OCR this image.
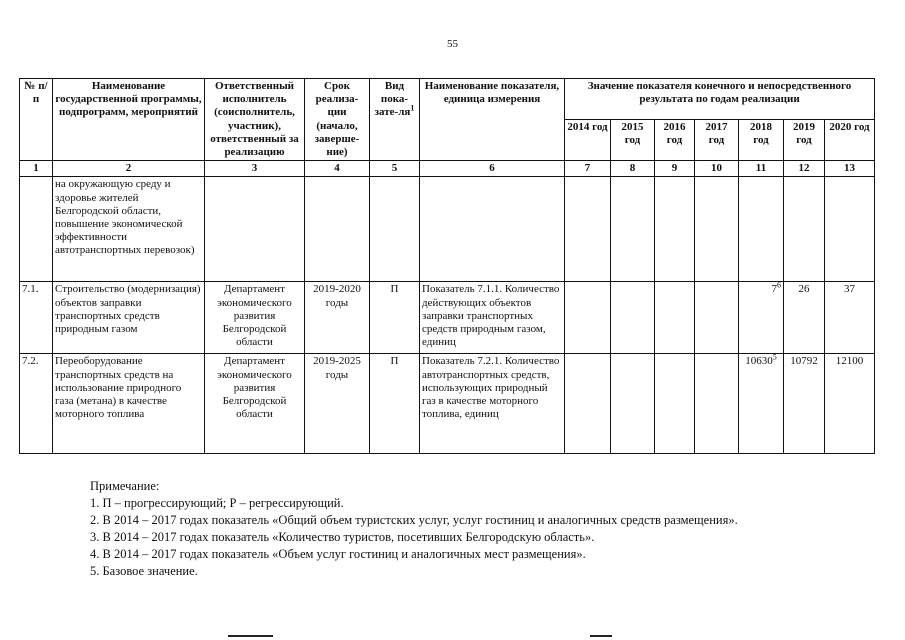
55
№ п/п	Наименование государственной программы, подпрограмм, мероприятий	Ответственный исполнитель (соисполнитель, участник), ответственный за реализацию	Срок реализа-ции (начало, заверше-ние)	Вид пока-$зате-ля^1$	Наименование показателя, единица измерения	Значение показателя конечного и непосредственного результата по годам реализации						
						2014 год	2015 год	2016 год	2017 год	2018 год	2019 год	2020 год
1	2	3	4	5	6	7	8	9	10	11	12	13
	на окружающую среду и здоровье жителей Белгородской области, повышение экономической эффективности автотранспортных перевозок)											
7.1.	Строительство (модернизация) объектов заправки транспортных средств природным газом	Департамент экономического развития Белгородской области	2019-2020 годы	П	Показатель 7.1.1. Количество действующих объектов заправки транспортных средств природным газом, единиц					$7^6$	26	37
7.2.	Переоборудование транспортных средств на использование природного газа (метана) в качестве моторного топлива	Департамент экономического развития Белгородской области	2019-2025 годы	П	Показатель 7.2.1. Количество автотранспортных средств, использующих природный газ в качестве моторного топлива, единиц					10630$^5$	10792	12100
Примечание:
1. П – прогрессирующий; Р – регрессирующий.
2. В 2014 – 2017 годах показатель «Общий объем туристских услуг, услуг гостиниц и аналогичных средств размещения».
3. В 2014 – 2017 годах показатель «Количество туристов, посетивших Белгородскую область».
4. В 2014 – 2017 годах показатель «Объем услуг гостиниц и аналогичных мест размещения».
5. Базовое значение.
